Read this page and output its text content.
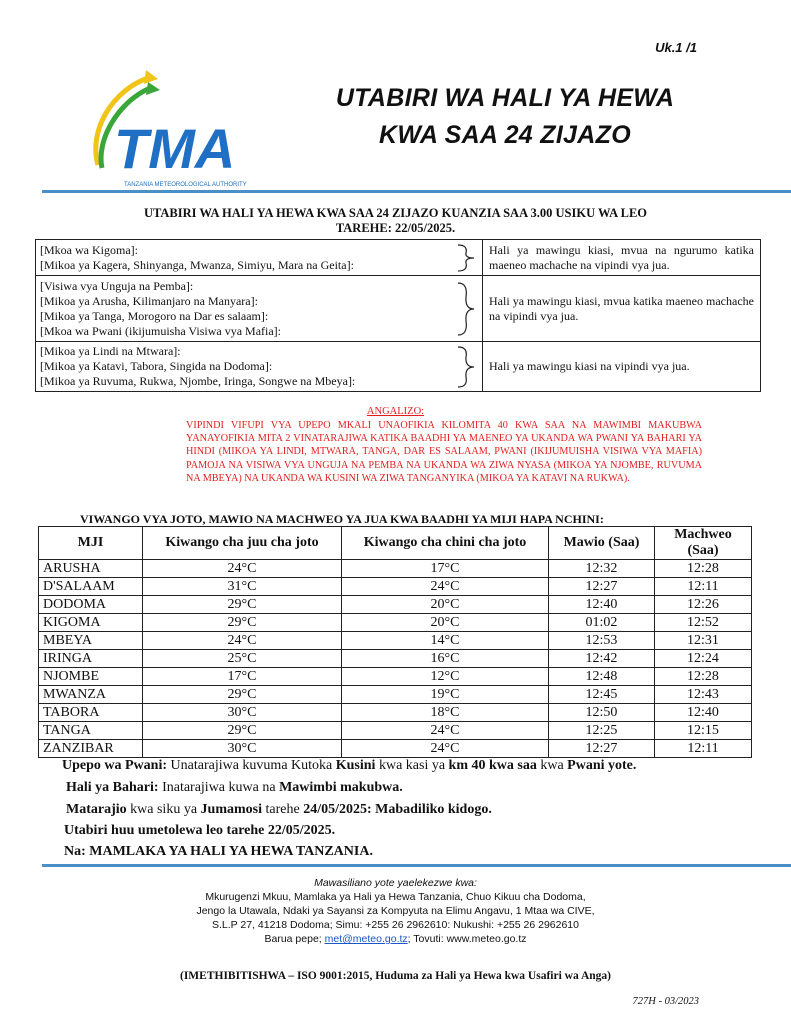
Uk.1 /1
TMA
TANZANIA METEOROLOGICAL AUTHORITY
UTABIRI WA HALI YA HEWA
KWA SAA 24 ZIJAZO
UTABIRI WA HALI YA HEWA KWA SAA 24 ZIJAZO KUANZIA SAA 3.00 USIKU WA LEO
TAREHE: 22/05/2025.
[Mkoa wa Kigoma]:
[Mikoa ya Kagera, Shinyanga, Mwanza, Simiyu, Mara na Geita]:		Hali ya mawingu kiasi, mvua na ngurumo katika maeneo machache na vipindi vya jua.

[Visiwa vya Unguja na Pemba]:
[Mikoa ya Arusha, Kilimanjaro na Manyara]:
[Mikoa ya Tanga, Morogoro na Dar es salaam]:
[Mkoa wa Pwani (ikijumuisha Visiwa vya Mafia]:		Hali ya mawingu kiasi, mvua katika maeneo machache na vipindi vya jua.

[Mikoa ya Lindi na Mtwara]:
[Mikoa ya Katavi, Tabora, Singida na Dodoma]:
[Mikoa ya Ruvuma, Rukwa, Njombe, Iringa, Songwe na Mbeya]:		Hali ya mawingu kiasi na vipindi vya jua.
ANGALIZO:
VIPINDI VIFUPI VYA UPEPO MKALI UNAOFIKIA KILOMITA 40 KWA SAA NA MAWIMBI MAKUBWA YANAYOFIKIA MITA 2 VINATARAJIWA KATIKA BAADHI YA MAENEO YA UKANDA WA PWANI YA BAHARI YA HINDI (MIKOA YA LINDI, MTWARA, TANGA, DAR ES SALAAM, PWANI (IKIJUMUISHA VISIWA VYA MAFIA) PAMOJA NA VISIWA VYA UNGUJA NA PEMBA NA UKANDA WA ZIWA NYASA (MIKOA YA NJOMBE, RUVUMA NA MBEYA) NA UKANDA WA KUSINI WA ZIWA TANGANYIKA (MIKOA YA KATAVI NA RUKWA).
VIWANGO VYA JOTO, MAWIO NA MACHWEO YA JUA KWA BAADHI YA MIJI HAPA NCHINI:
MJI	Kiwango cha juu cha joto	Kiwango cha chini cha joto	Mawio (Saa)	Machweo (Saa)
ARUSHA	24°C	17°C	12:32	12:28
D'SALAAM	31°C	24°C	12:27	12:11
DODOMA	29°C	20°C	12:40	12:26
KIGOMA	29°C	20°C	01:02	12:52
MBEYA	24°C	14°C	12:53	12:31
IRINGA	25°C	16°C	12:42	12:24
NJOMBE	17°C	12°C	12:48	12:28
MWANZA	29°C	19°C	12:45	12:43
TABORA	30°C	18°C	12:50	12:40
TANGA	29°C	24°C	12:25	12:15
ZANZIBAR	30°C	24°C	12:27	12:11
Upepo wa Pwani: Unatarajiwa kuvuma Kutoka Kusini kwa kasi ya km 40 kwa saa kwa Pwani yote.
Hali ya Bahari: Inatarajiwa kuwa na Mawimbi makubwa.
Matarajio kwa siku ya Jumamosi tarehe 24/05/2025: Mabadiliko kidogo.
Utabiri huu umetolewa leo tarehe 22/05/2025.
Na: MAMLAKA YA HALI YA HEWA TANZANIA.
Mawasiliano yote yaelekezwe kwa:
Mkurugenzi Mkuu, Mamlaka ya Hali ya Hewa Tanzania, Chuo Kikuu cha Dodoma,
Jengo la Utawala, Ndaki ya Sayansi za Kompyuta na Elimu Angavu, 1 Mtaa wa CIVE,
S.L.P 27, 41218 Dodoma; Simu: +255 26 2962610: Nukushi: +255 26 2962610
Barua pepe; met@meteo.go.tz; Tovuti: www.meteo.go.tz
(IMETHIBITISHWA – ISO 9001:2015, Huduma za Hali ya Hewa kwa Usafiri wa Anga)
727H - 03/2023
